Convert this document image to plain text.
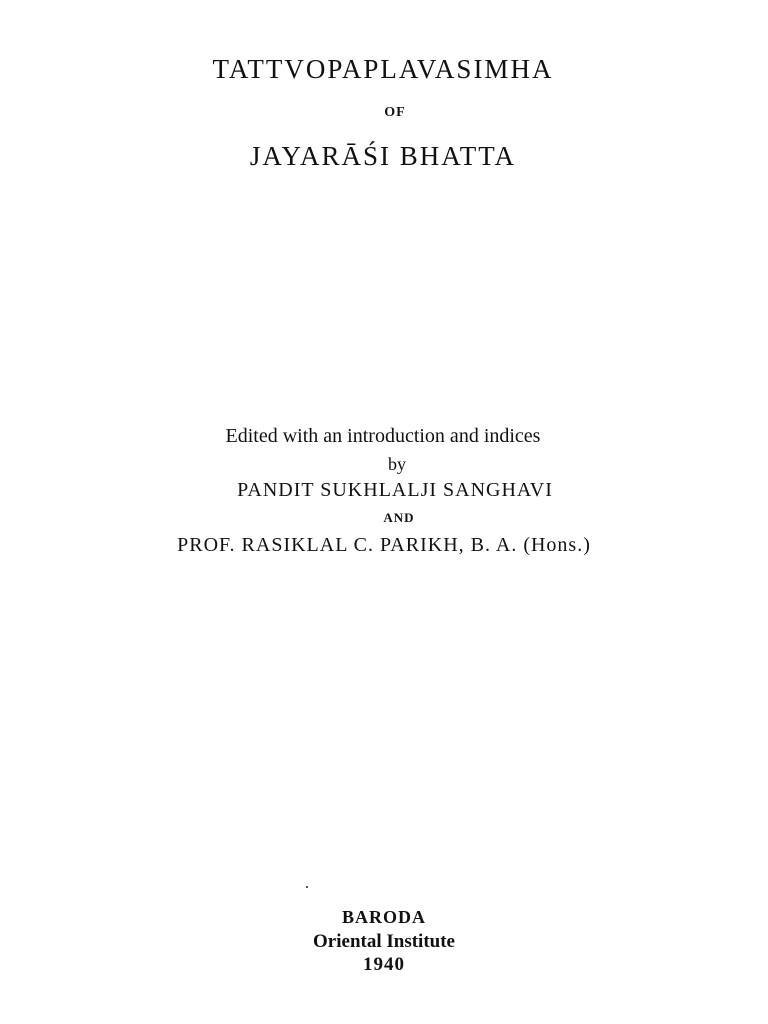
TATTVOPAPLAVASIMHA
OF
JAYARĀŚI BHATTA
Edited with an introduction and indices
by
PANDIT SUKHLALJI SANGHAVI
AND
PROF. RASIKLAL C. PARIKH, B. A. (Hons.)
BARODA
Oriental Institute
1940
